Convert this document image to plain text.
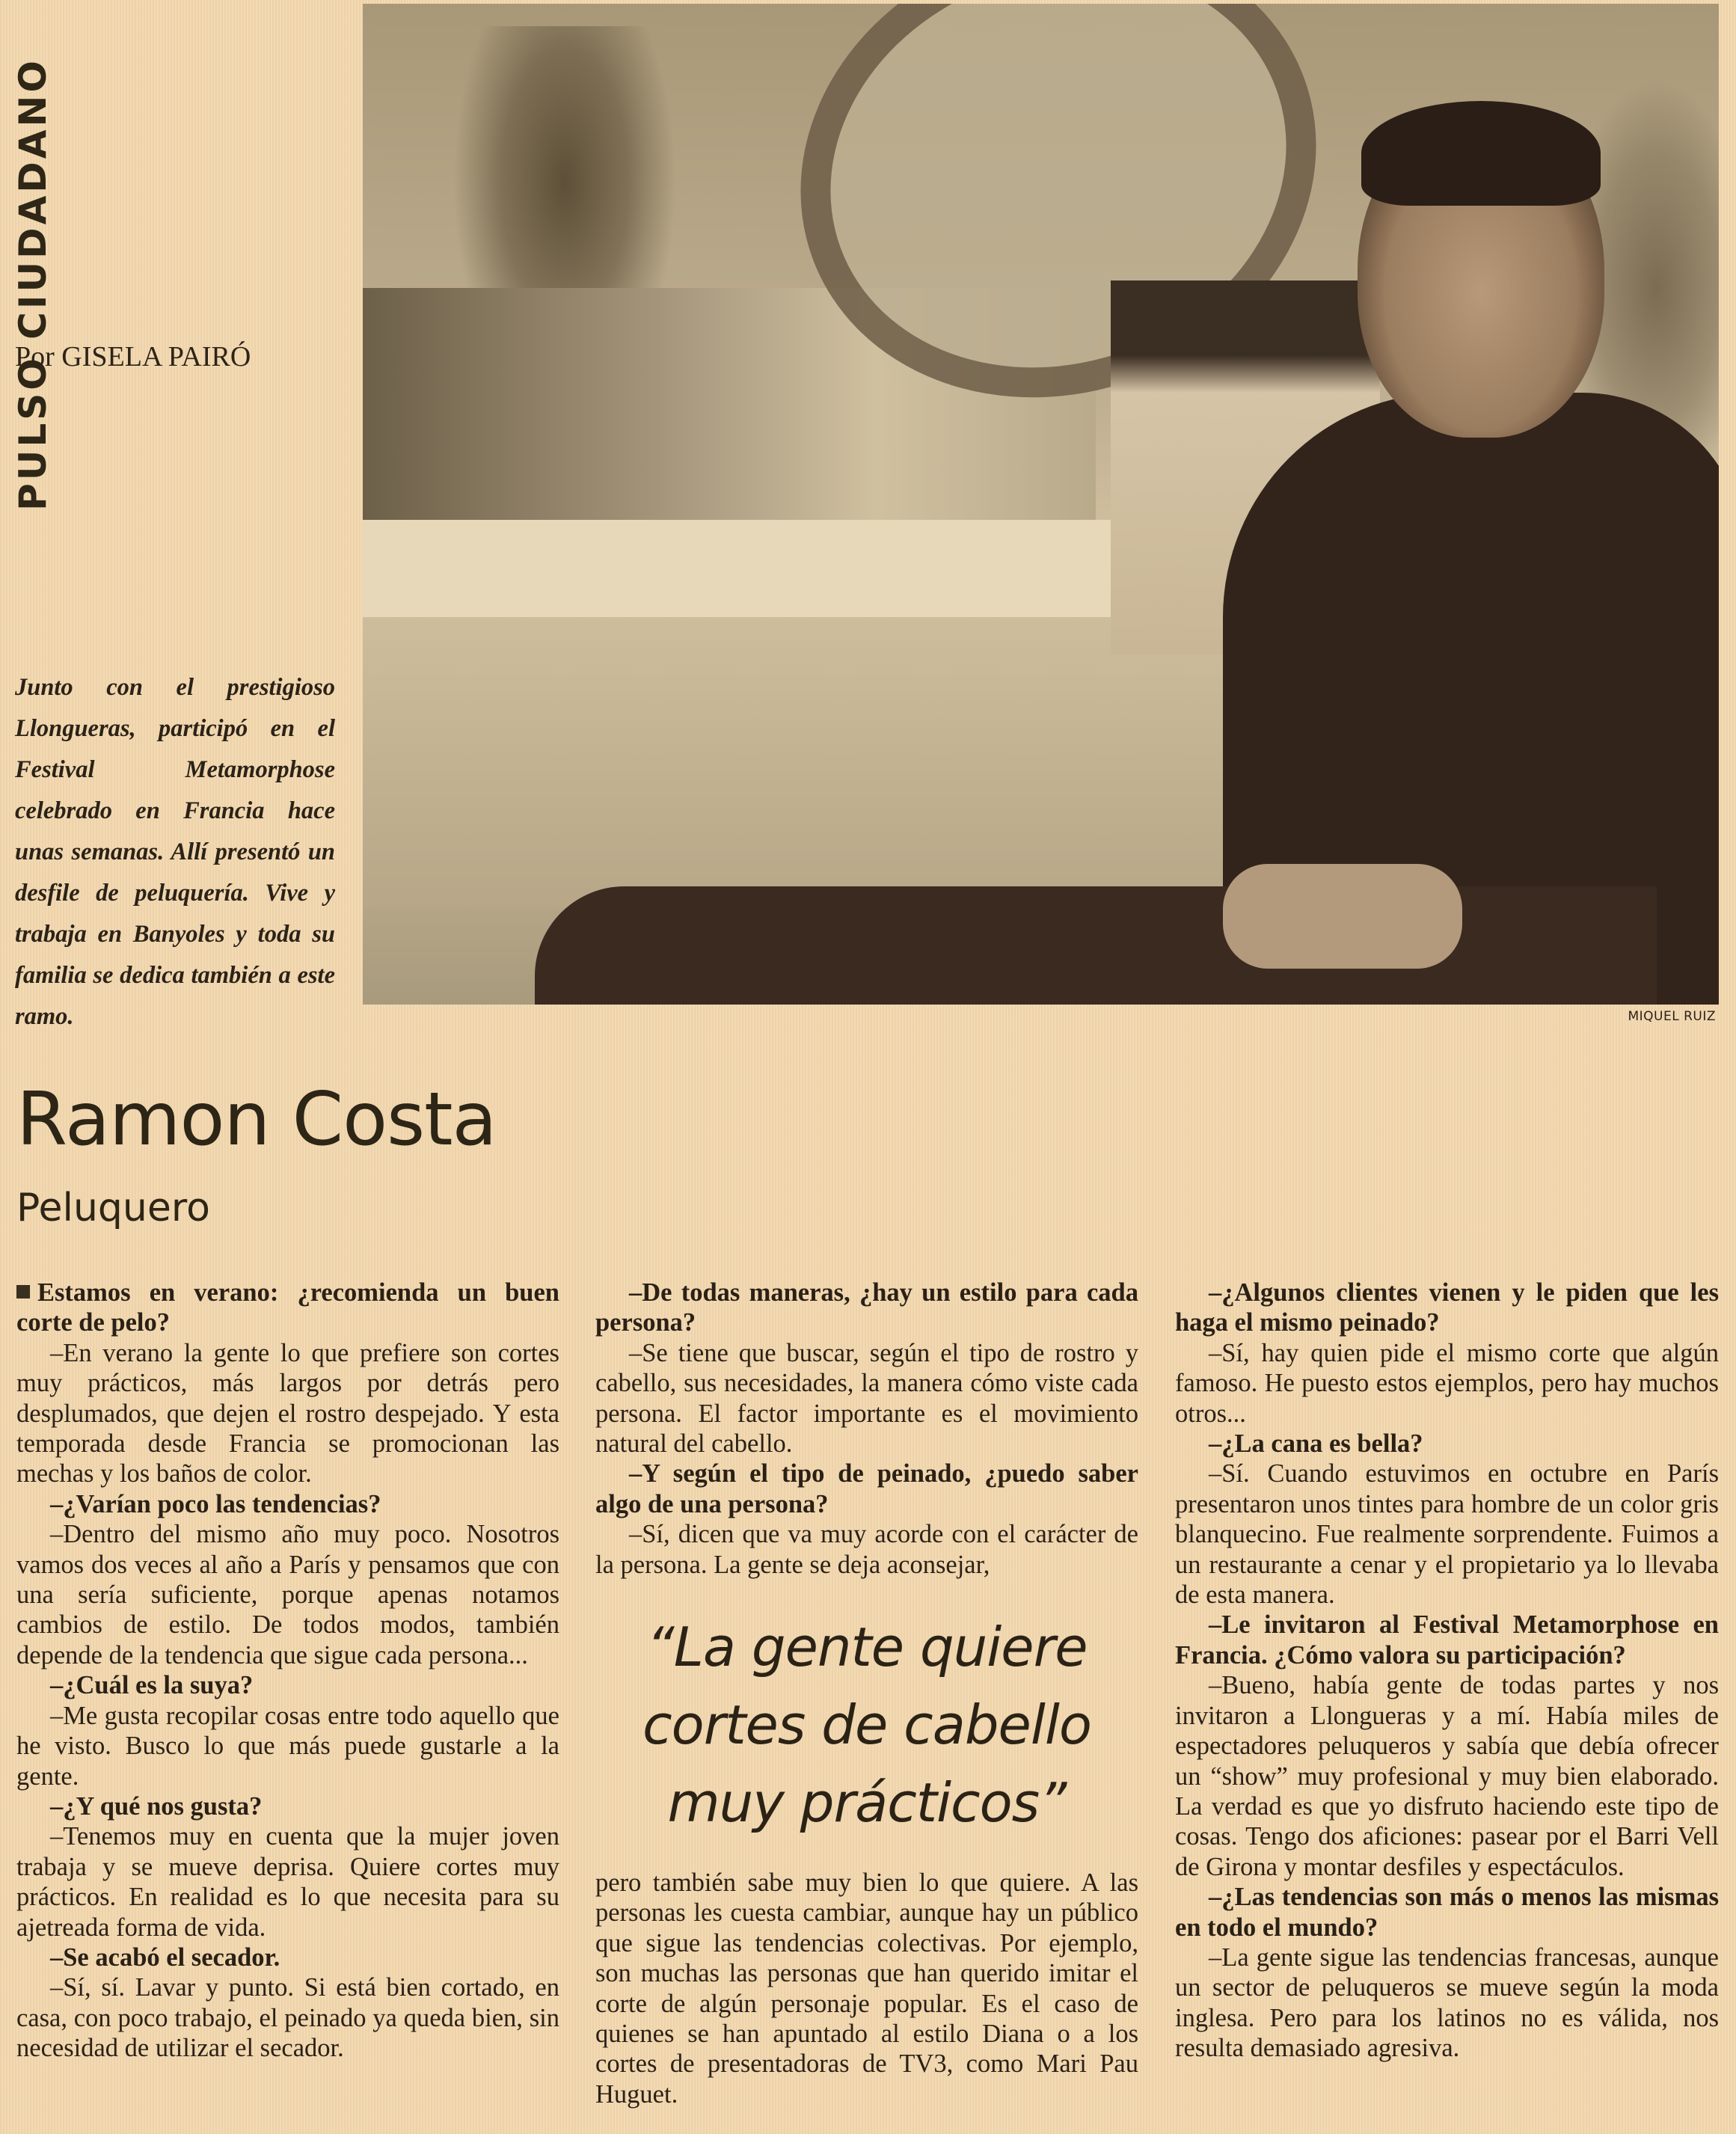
PULSO CIUDADANO
Por GISELA PAIRÓ
Junto con el prestigioso Llongueras, participó en el Festival Metamorphose celebrado en Francia hace unas semanas. Allí presentó un desfile de peluquería. Vive y trabaja en Banyoles y toda su familia se dedica también a este ramo.	MIQUEL RUIZ
Ramon Costa
Peluquero

Estamos en verano: ¿recomienda un buen corte de pelo?

–En verano la gente lo que prefiere son cortes muy prácticos, más largos por detrás pero desplumados, que dejen el rostro despejado. Y esta temporada desde Francia se promocionan las mechas y los baños de color.

–¿Varían poco las tendencias?

–Dentro del mismo año muy poco. Nosotros vamos dos veces al año a París y pensamos que con una sería suficiente, porque apenas notamos cambios de estilo. De todos modos, también depende de la tendencia que sigue cada persona...

–¿Cuál es la suya?

–Me gusta recopilar cosas entre todo aquello que he visto. Busco lo que más puede gustarle a la gente.

–¿Y qué nos gusta?

–Tenemos muy en cuenta que la mujer joven trabaja y se mueve deprisa. Quiere cortes muy prácticos. En realidad es lo que necesita para su ajetreada forma de vida.

–Se acabó el secador.

–Sí, sí. Lavar y punto. Si está bien cortado, en casa, con poco trabajo, el peinado ya queda bien, sin necesidad de utilizar el secador.

–De todas maneras, ¿hay un estilo para cada persona?

–Se tiene que buscar, según el tipo de rostro y cabello, sus necesidades, la manera cómo viste cada persona. El factor importante es el movimiento natural del cabello.

–Y según el tipo de peinado, ¿puedo saber algo de una persona?

–Sí, dicen que va muy acorde con el carácter de la persona. La gente se deja aconsejar,

“La gente quiere cortes de cabello muy prácticos”

pero también sabe muy bien lo que quiere. A las personas les cuesta cambiar, aunque hay un público que sigue las tendencias colectivas. Por ejemplo, son muchas las personas que han querido imitar el corte de algún personaje popular. Es el caso de quienes se han apuntado al estilo Diana o a los cortes de presentadoras de TV3, como Mari Pau Huguet.

–¿Algunos clientes vienen y le piden que les haga el mismo peinado?

–Sí, hay quien pide el mismo corte que algún famoso. He puesto estos ejemplos, pero hay muchos otros...

–¿La cana es bella?

–Sí. Cuando estuvimos en octubre en París presentaron unos tintes para hombre de un color gris blanquecino. Fue realmente sorprendente. Fuimos a un restaurante a cenar y el propietario ya lo llevaba de esta manera.

–Le invitaron al Festival Metamorphose en Francia. ¿Cómo valora su participación?

–Bueno, había gente de todas partes y nos invitaron a Llongueras y a mí. Había miles de espectadores peluqueros y sabía que debía ofrecer un “show” muy profesional y muy bien elaborado. La verdad es que yo disfruto haciendo este tipo de cosas. Tengo dos aficiones: pasear por el Barri Vell de Girona y montar desfiles y espectáculos.

–¿Las tendencias son más o menos las mismas en todo el mundo?

–La gente sigue las tendencias francesas, aunque un sector de peluqueros se mueve según la moda inglesa. Pero para los latinos no es válida, nos resulta demasiado agresiva.
